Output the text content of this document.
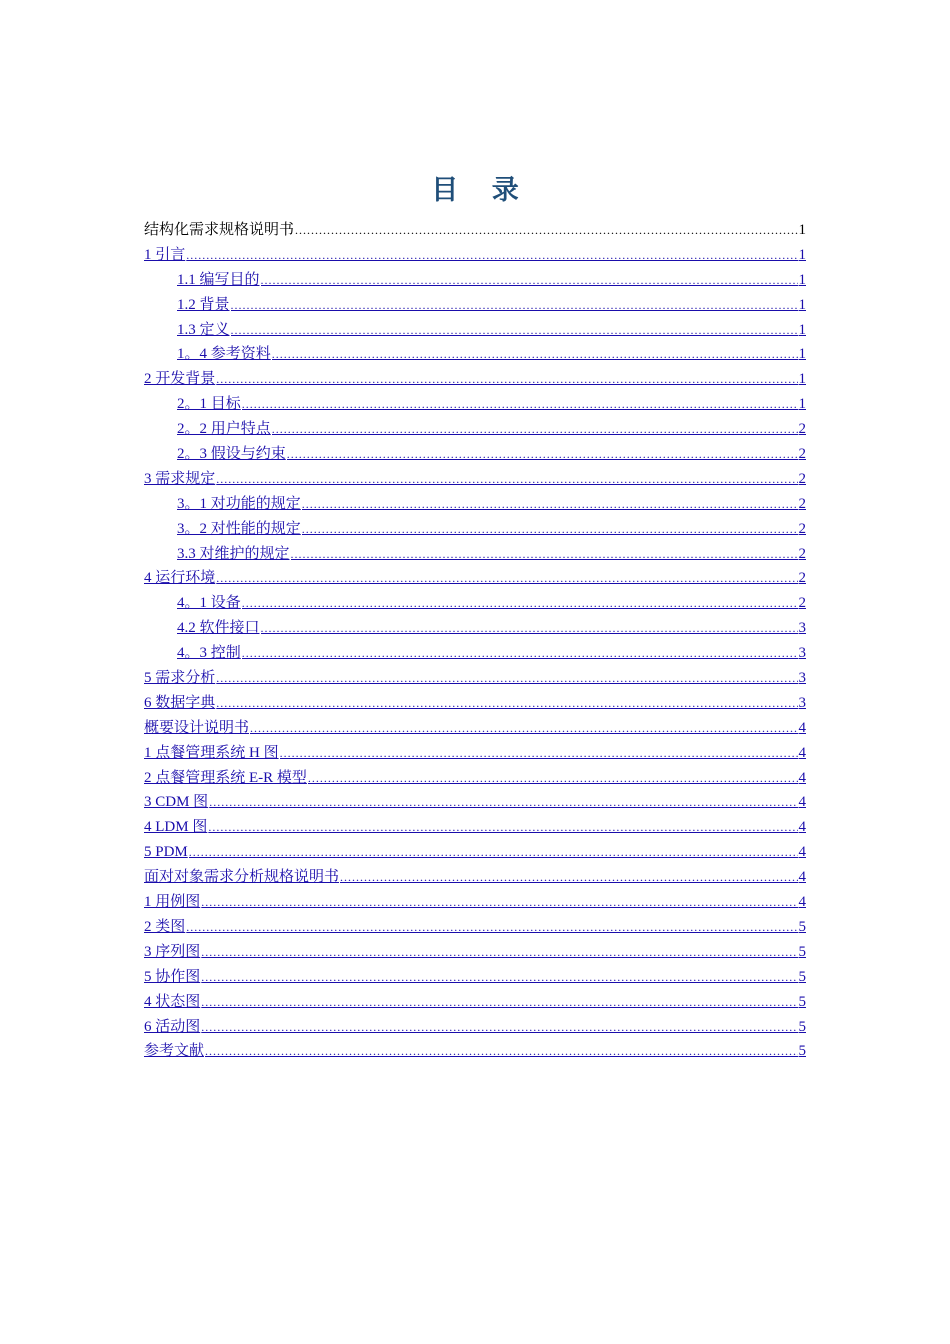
目 录
结构化需求规格说明书 .....	1
1 引言 .....	1
1.1 编写目的 .....	1
1.2 背景 .....	1
1.3 定义 .....	1
1。4 参考资料 .....	1
2 开发背景 .....	1
2。1 目标 .....	1
2。2 用户特点 .....	2
2。3 假设与约束 .....	2
3 需求规定 .....	2
3。1 对功能的规定 .....	2
3。2 对性能的规定 .....	2
3.3 对维护的规定 .....	2
4 运行环境 .....	2
4。1 设备 .....	2
4.2 软件接口 .....	3
4。3 控制 .....	3
5 需求分析 .....	3
6 数据字典 .....	3
概要设计说明书 .....	4
1 点餐管理系统 H 图 .....	4
2 点餐管理系统 E-R 模型 .....	4
3 CDM 图 .....	4
4 LDM 图 .....	4
5 PDM .....	4
面对对象需求分析规格说明书 .....	4
1 用例图 .....	4
2 类图 .....	5
3 序列图 .....	5
5 协作图 .....	5
4 状态图 .....	5
6 活动图 .....	5
参考文献 .....	5
